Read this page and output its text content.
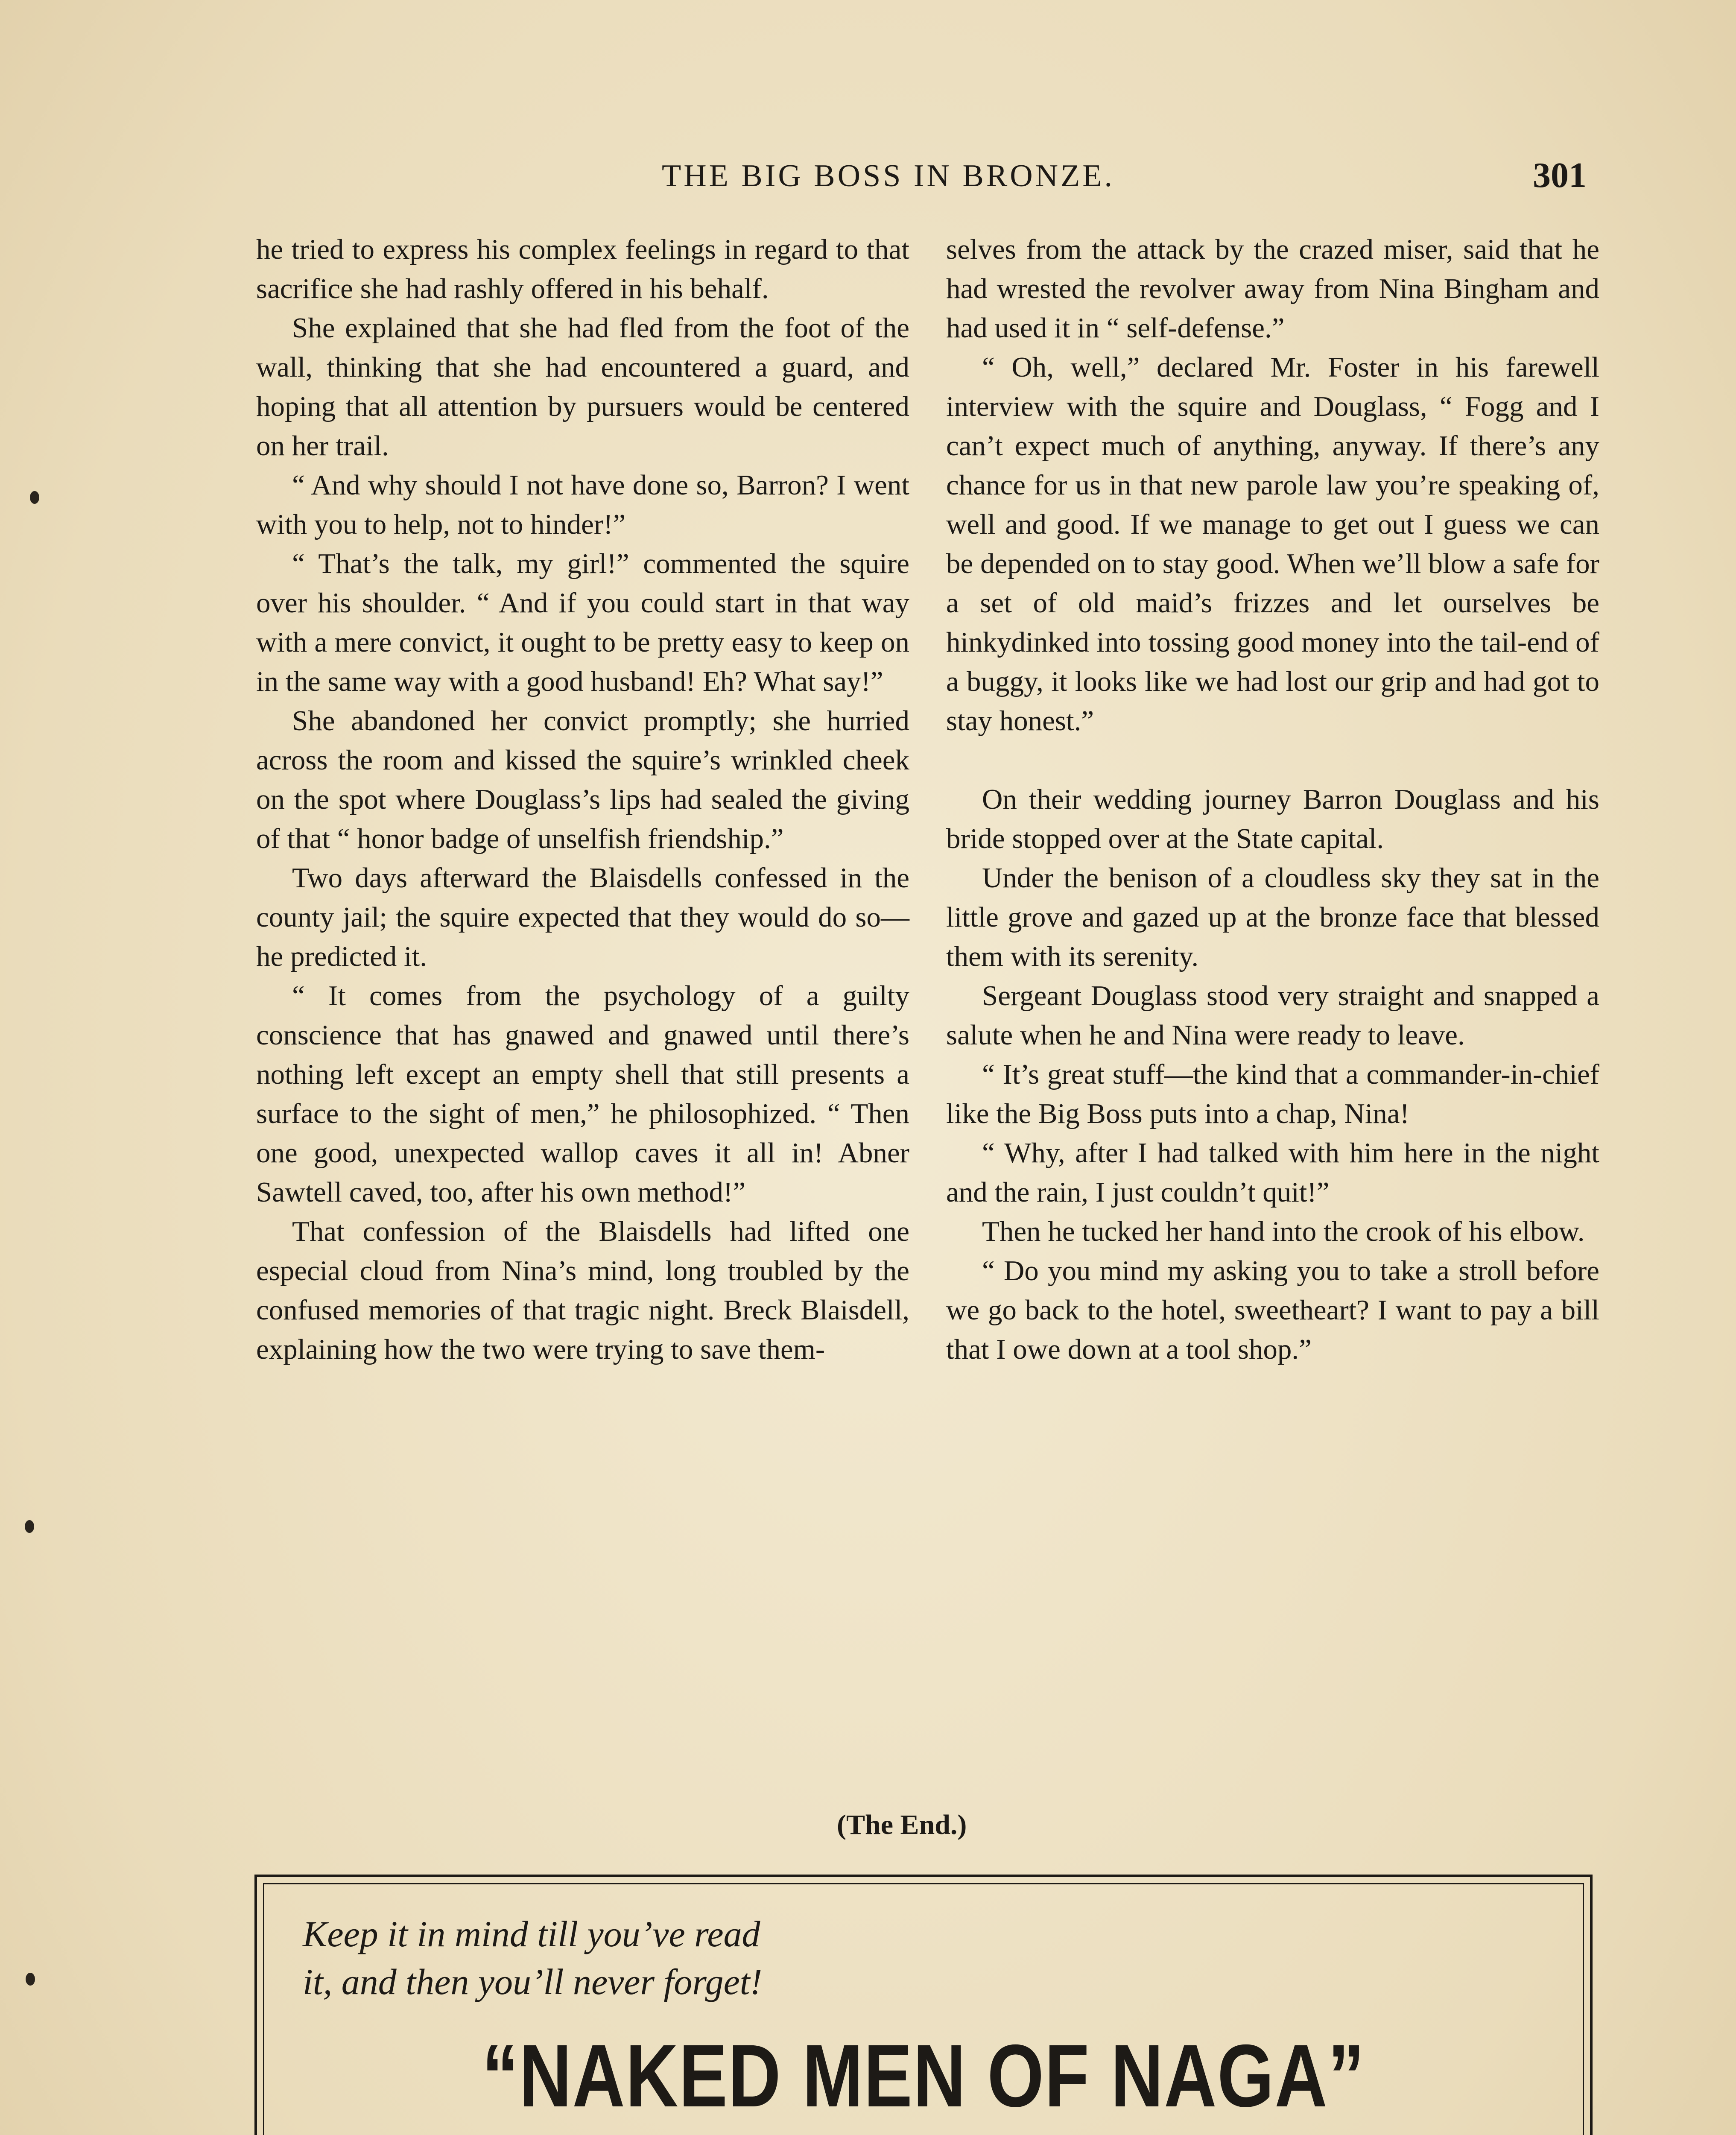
THE BIG BOSS IN BRONZE.	301

he tried to express his complex feelings in regard to that sacrifice she had rashly offered in his behalf.

She explained that she had fled from the foot of the wall, thinking that she had encountered a guard, and hoping that all attention by pursuers would be centered on her trail.

“ And why should I not have done so, Barron? I went with you to help, not to hinder!”

“ That’s the talk, my girl!” commented the squire over his shoulder. “ And if you could start in that way with a mere convict, it ought to be pretty easy to keep on in the same way with a good husband! Eh? What say!”

She abandoned her convict promptly; she hurried across the room and kissed the squire’s wrinkled cheek on the spot where Douglass’s lips had sealed the giving of that “ honor badge of unselfish friendship.”

Two days afterward the Blaisdells confessed in the county jail; the squire expected that they would do so—he predicted it.

“ It comes from the psychology of a guilty conscience that has gnawed and gnawed until there’s nothing left except an empty shell that still presents a surface to the sight of men,” he philosophized. “ Then one good, unexpected wallop caves it all in! Abner Sawtell caved, too, after his own method!”

That confession of the Blaisdells had lifted one especial cloud from Nina’s mind, long troubled by the confused memories of that tragic night. Breck Blaisdell, explaining how the two were trying to save them-

selves from the attack by the crazed miser, said that he had wrested the revolver away from Nina Bingham and had used it in “ self-defense.”

“ Oh, well,” declared Mr. Foster in his farewell interview with the squire and Douglass, “ Fogg and I can’t expect much of anything, anyway. If there’s any chance for us in that new parole law you’re speaking of, well and good. If we manage to get out I guess we can be depended on to stay good. When we’ll blow a safe for a set of old maid’s frizzes and let ourselves be hinkydinked into tossing good money into the tail-end of a buggy, it looks like we had lost our grip and had got to stay honest.”

On their wedding journey Barron Douglass and his bride stopped over at the State capital.

Under the benison of a cloudless sky they sat in the little grove and gazed up at the bronze face that blessed them with its serenity.

Sergeant Douglass stood very straight and snapped a salute when he and Nina were ready to leave.

“ It’s great stuff—the kind that a commander-in-chief like the Big Boss puts into a chap, Nina!

“ Why, after I had talked with him here in the night and the rain, I just couldn’t quit!”

Then he tucked her hand into the crook of his elbow.

“ Do you mind my asking you to take a stroll before we go back to the hotel, sweetheart? I want to pay a bill that I owe down at a tool shop.”

(The End.)
Keep it in mind till you’ve read
it, and then you’ll never forget!
“NAKED MEN OF NAGA”
